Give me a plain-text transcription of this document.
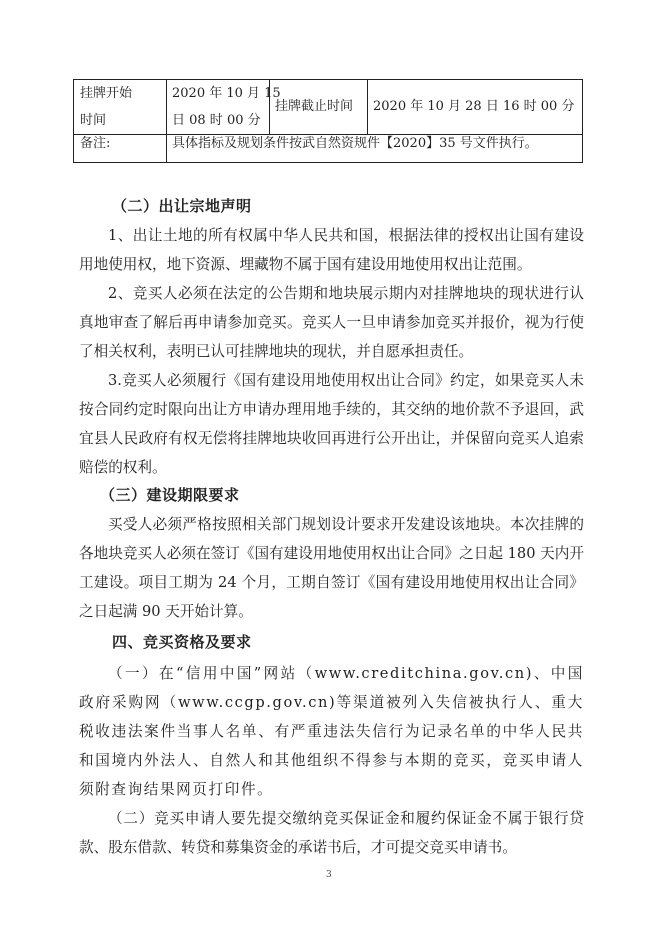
挂牌开始
时间
2020 年 10 月 15
日 08 时 00 分
挂牌截止时间 2020 年 10 月 28 日 16 时 00 分
备注:	具体指标及规划条件按武自然资规件【2020】35 号文件执行。
（二）出让宗地声明
1、出让土地的所有权属中华人民共和国，根据法律的授权出让国有建设用地使用权，地下资源、埋藏物不属于国有建设用地使用权出让范围。
2、竞买人必须在法定的公告期和地块展示期内对挂牌地块的现状进行认真地审查了解后再申请参加竞买。竞买人一旦申请参加竞买并报价，视为行使了相关权利，表明已认可挂牌地块的现状，并自愿承担责任。
3.竞买人必须履行《国有建设用地使用权出让合同》约定，如果竞买人未按合同约定时限向出让方申请办理用地手续的，其交纳的地价款不予退回，武宜县人民政府有权无偿将挂牌地块收回再进行公开出让，并保留向竞买人追索赔偿的权利。
（三）建设期限要求
买受人必须严格按照相关部门规划设计要求开发建设该地块。本次挂牌的各地块竞买人必须在签订《国有建设用地使用权出让合同》之日起 180 天内开工建设。项目工期为 24 个月，工期自签订《国有建设用地使用权出让合同》之日起满 90 天开始计算。
四、竞买资格及要求
（一）在“信用中国”网站（www.creditchina.gov.cn)、中国政府采购网（www.ccgp.gov.cn)等渠道被列入失信被执行人、重大税收违法案件当事人名单、有严重违法失信行为记录名单的中华人民共和国境内外法人、自然人和其他组织不得参与本期的竞买，竞买申请人须附查询结果网页打印件。
（二）竞买申请人要先提交缴纳竞买保证金和履约保证金不属于银行贷款、股东借款、转贷和募集资金的承诺书后，才可提交竞买申请书。
3
